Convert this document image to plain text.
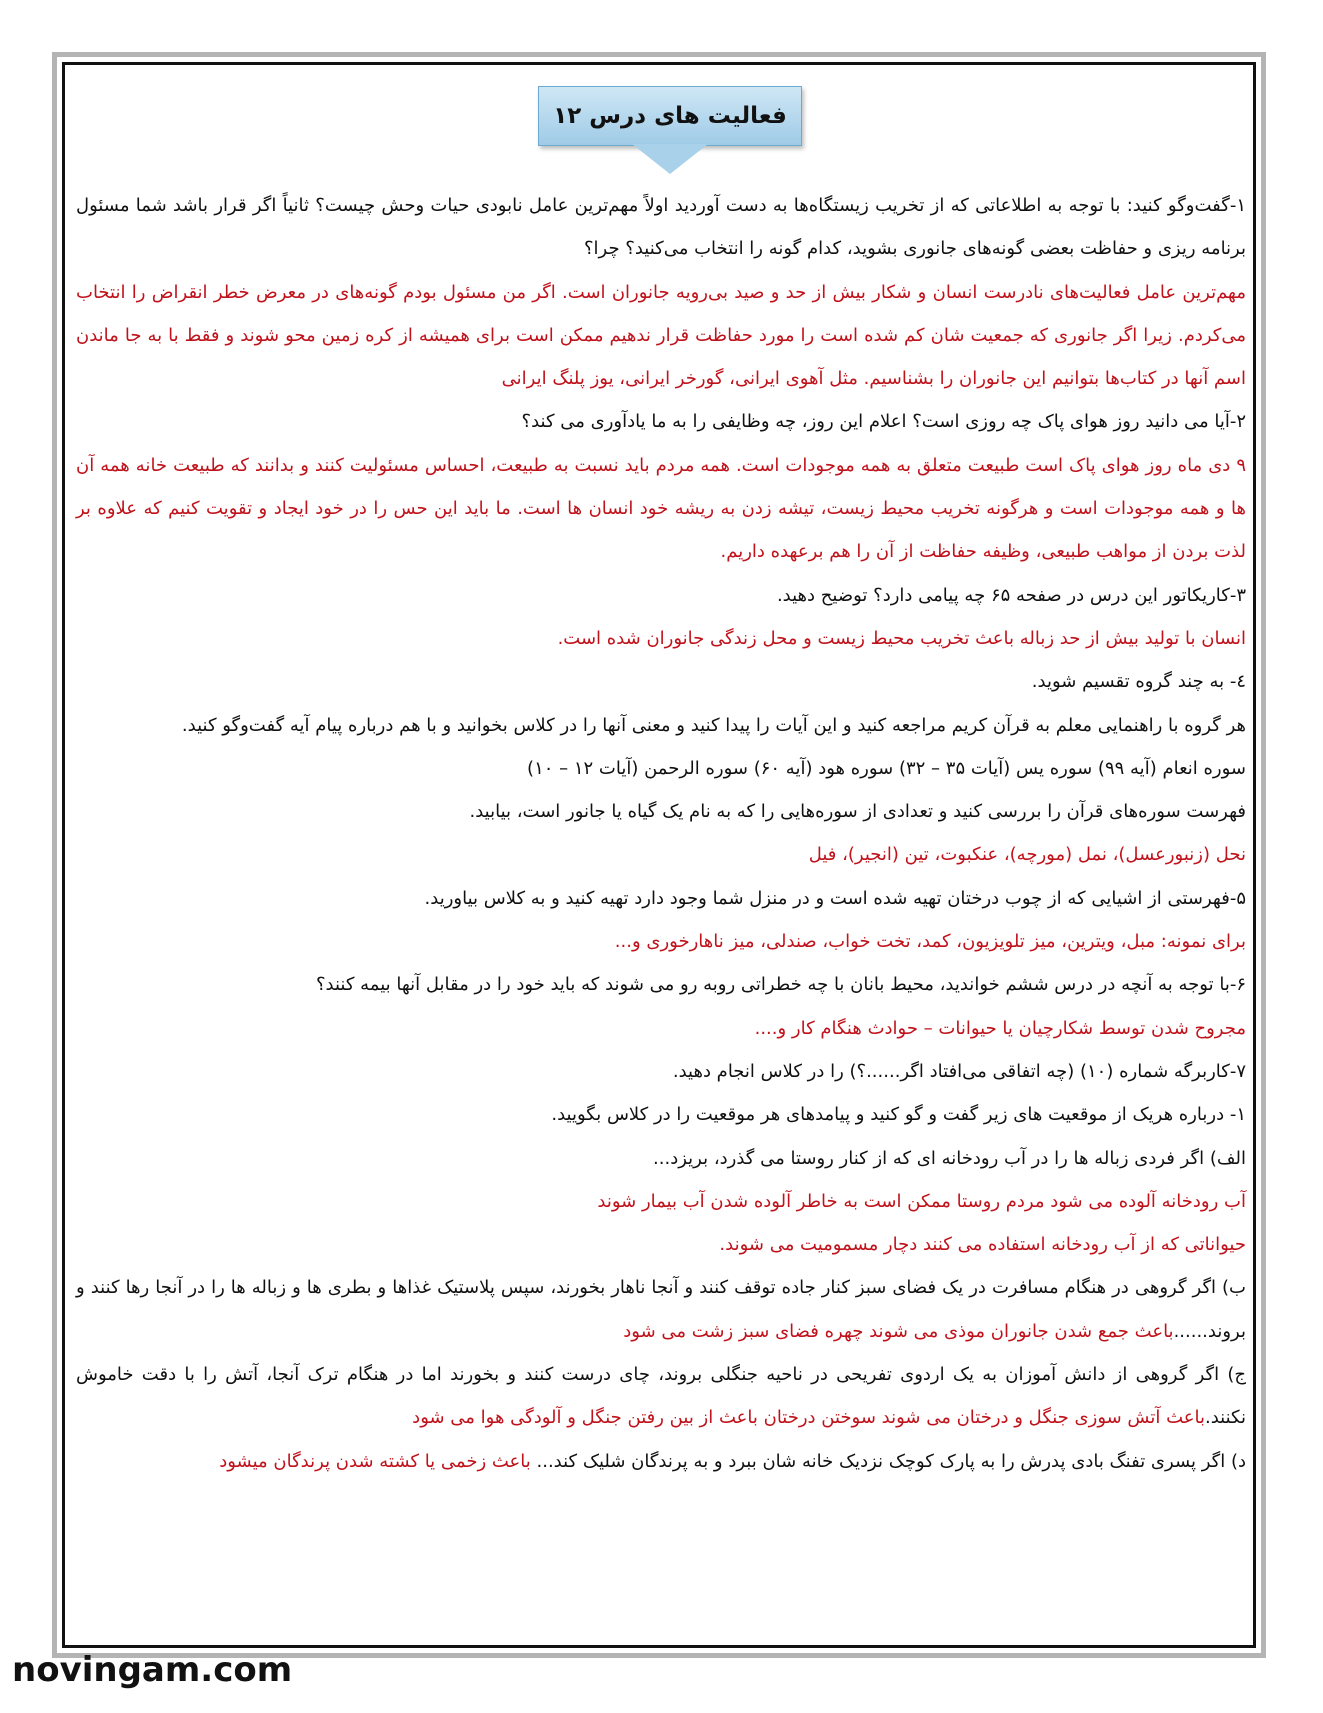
فعالیت های درس ۱۲

۱-گفت‌وگو کنید: با توجه به اطلاعاتی که از تخریب زیستگاه‌ها به دست آوردید اولاً مهم‌ترین عامل نابودی حیات وحش چیست؟ ثانیاً اگر قرار باشد شما مسئول برنامه ریزی و حفاظت بعضی گونه‌های جانوری بشوید، کدام گونه را انتخاب می‌کنید؟ چرا؟

مهم‌ترین عامل فعالیت‌های نادرست انسان و شکار بیش از حد و صید بی‌رویه جانوران است. اگر من مسئول بودم گونه‌های در معرض خطر انقراض را انتخاب می‌کردم. زیرا اگر جانوری که جمعیت شان کم شده است را مورد حفاظت قرار ندهیم ممکن است برای همیشه از کره زمین محو شوند و فقط با به جا ماندن اسم آنها در کتاب‌ها بتوانیم این جانوران را بشناسیم. مثل آهوی ایرانی، گورخر ایرانی، یوز پلنگ ایرانی

۲-آیا می دانید روز هوای پاک چه روزی است؟ اعلام این روز، چه وظایفی را به ما یادآوری می کند؟

۹ دی ماه روز هوای پاک است طبیعت متعلق به همه موجودات است. همه مردم باید نسبت به طبیعت، احساس مسئولیت کنند و بدانند که طبیعت خانه همه آن ها و همه موجودات است و هرگونه تخریب محیط زیست، تیشه زدن به ریشه خود انسان ها است. ما باید این حس را در خود ایجاد و تقویت کنیم که علاوه بر لذت بردن از مواهب طبیعی، وظیفه حفاظت از آن را هم برعهده داریم.

۳-کاریکاتور این درس در صفحه ۶۵ چه پیامی دارد؟ توضیح دهید.

انسان با تولید بیش از حد زباله باعث تخریب محیط زیست و محل زندگی جانوران شده است.

٤- به چند گروه تقسیم شوید.

هر گروه با راهنمایی معلم به قرآن کریم مراجعه کنید و این آیات را پیدا کنید و معنی آنها را در کلاس بخوانید و با هم درباره پیام آیه گفت‌وگو کنید.

سوره انعام (آیه ۹۹) سوره یس (آیات ۳۵ – ۳۲) سوره هود (آیه ۶۰) سوره الرحمن (آیات ۱۲ – ۱۰)

فهرست سوره‌های قرآن را بررسی کنید و تعدادی از سوره‌هایی را که به نام یک گیاه یا جانور است، بیابید.

نحل (زنبورعسل)، نمل (مورچه)، عنکبوت، تین (انجیر)، فیل

۵-فهرستی از اشیایی که از چوب درختان تهیه شده است و در منزل شما وجود دارد تهیه کنید و به کلاس بیاورید.

برای نمونه: مبل، ویترین، میز تلویزیون، کمد، تخت خواب، صندلی، میز ناهارخوری و...

۶-با توجه به آنچه در درس ششم خواندید، محیط بانان با چه خطراتی روبه رو می شوند که باید خود را در مقابل آنها بیمه کنند؟

مجروح شدن توسط شکارچیان یا حیوانات – حوادث هنگام کار و....

۷-کاربرگه شماره (۱۰) (چه اتفاقی می‌افتاد اگر......؟) را در کلاس انجام دهید.

۱- درباره هریک از موقعیت های زیر گفت و گو کنید و پیامدهای هر موقعیت را در کلاس بگویید.

الف) اگر فردی زباله ها را در آب رودخانه ای که از کنار روستا می گذرد، بریزد...

آب رودخانه آلوده می شود مردم روستا ممکن است به خاطر آلوده شدن آب بیمار شوند

حیواناتی که از آب رودخانه استفاده می کنند دچار مسمومیت می شوند.

ب) اگر گروهی در هنگام مسافرت در یک فضای سبز کنار جاده توقف کنند و آنجا ناهار بخورند، سپس پلاستیک غذاها و بطری ها و زباله ها را در آنجا رها کنند و بروند......باعث جمع شدن جانوران موذی می شوند چهره فضای سبز زشت می شود

ج) اگر گروهی از دانش آموزان به یک اردوی تفریحی در ناحیه جنگلی بروند، چای درست کنند و بخورند اما در هنگام ترک آنجا، آتش را با دقت خاموش نکنند.باعث آتش سوزی جنگل و درختان می شوند سوختن درختان باعث از بین رفتن جنگل و آلودگی هوا می شود

د) اگر پسری تفنگ بادی پدرش را به پارک کوچک نزدیک خانه شان ببرد و به پرندگان شلیک کند... باعث زخمی یا کشته شدن پرندگان میشود

novingam.com
